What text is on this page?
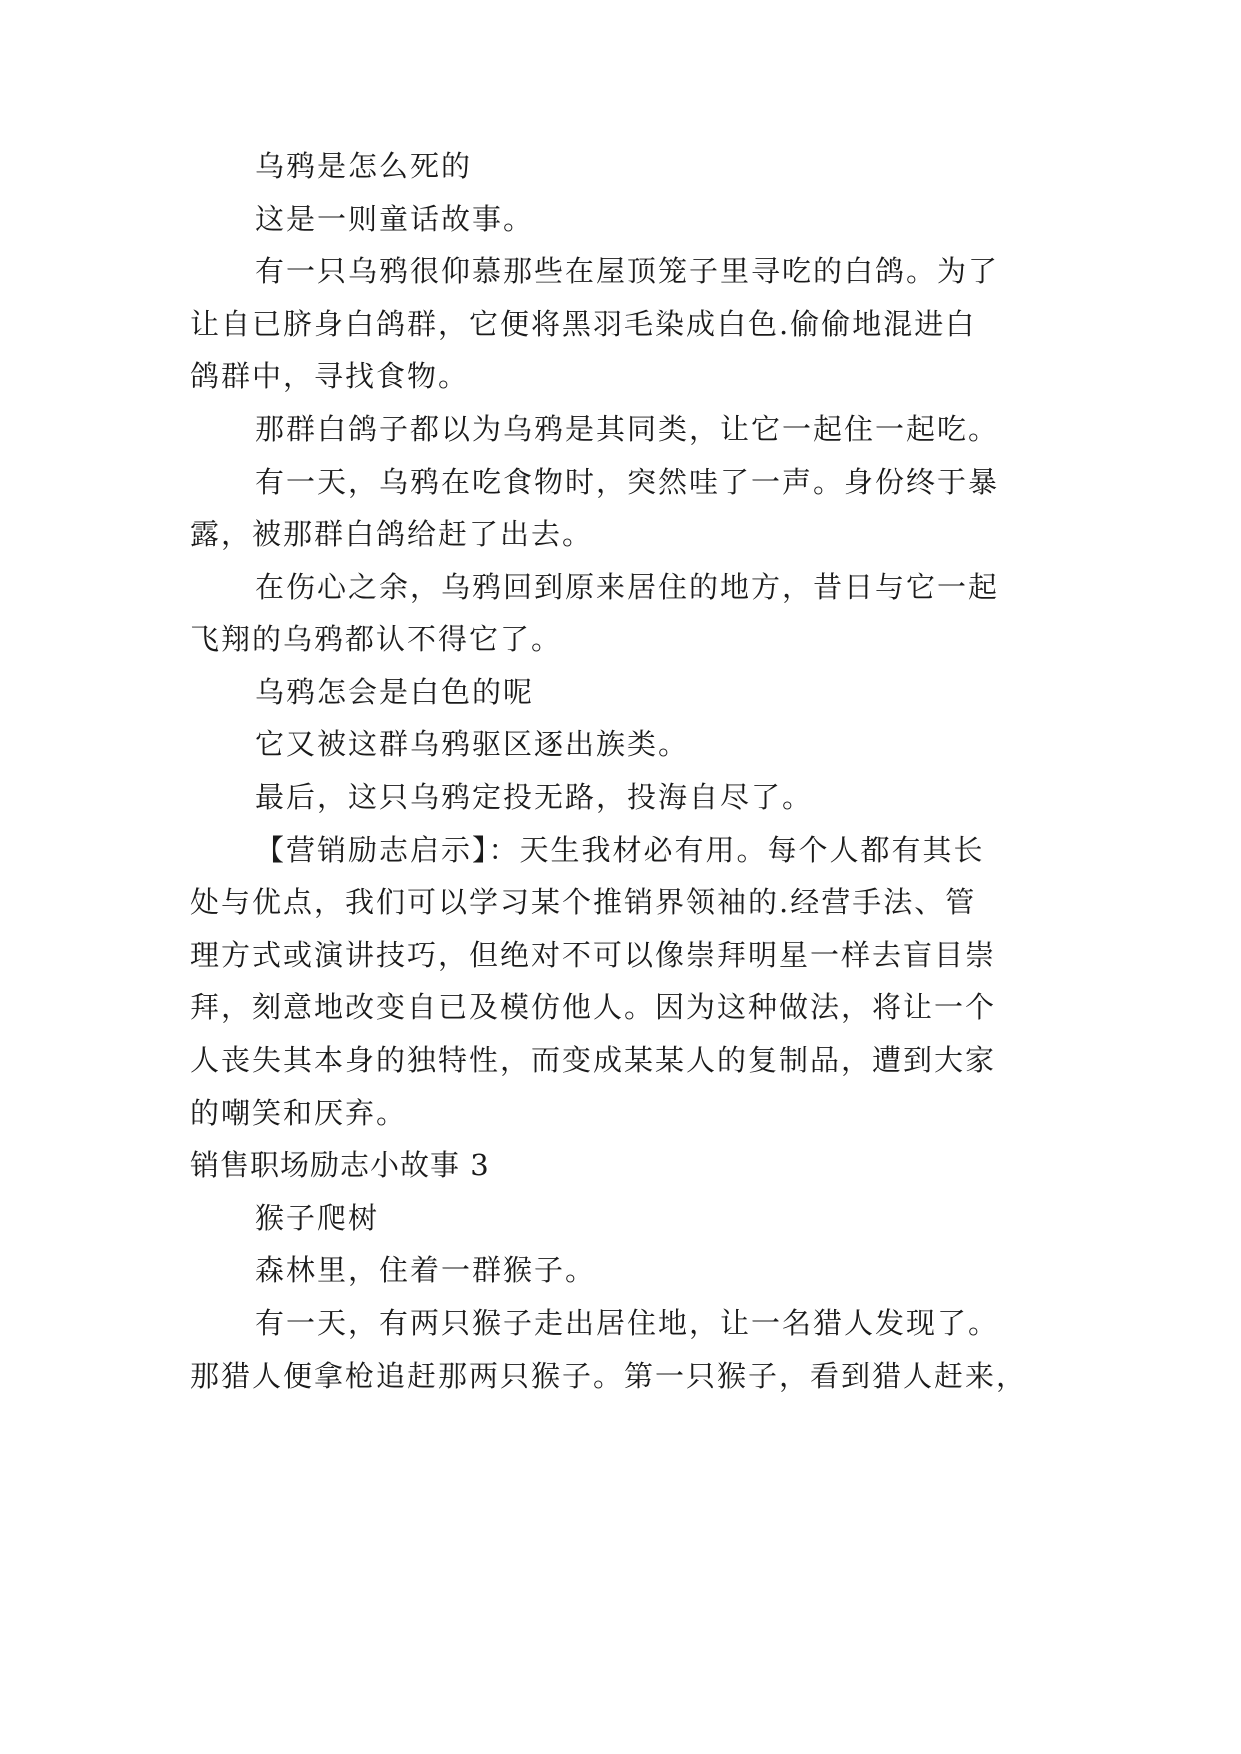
乌鸦是怎么死的
这是一则童话故事。
有一只乌鸦很仰慕那些在屋顶笼子里寻吃的白鸽。为了
让自已脐身白鸽群，它便将黑羽毛染成白色.偷偷地混进白
鸽群中，寻找食物。
那群白鸽子都以为乌鸦是其同类，让它一起住一起吃。
有一天，乌鸦在吃食物时，突然哇了一声。身份终于暴
露，被那群白鸽给赶了出去。
在伤心之余，乌鸦回到原来居住的地方，昔日与它一起
飞翔的乌鸦都认不得它了。
乌鸦怎会是白色的呢
它又被这群乌鸦驱区逐出族类。
最后，这只乌鸦定投无路，投海自尽了。
【营销励志启示】：天生我材必有用。每个人都有其长
处与优点，我们可以学习某个推销界领袖的.经营手法、管
理方式或演讲技巧，但绝对不可以像崇拜明星一样去盲目崇
拜，刻意地改变自已及模仿他人。因为这种做法，将让一个
人丧失其本身的独特性，而变成某某人的复制品，遭到大家
的嘲笑和厌弃。
销售职场励志小故事 3
猴子爬树
森林里，住着一群猴子。
有一天，有两只猴子走出居住地，让一名猎人发现了。
那猎人便拿枪追赶那两只猴子。第一只猴子，看到猎人赶来，
